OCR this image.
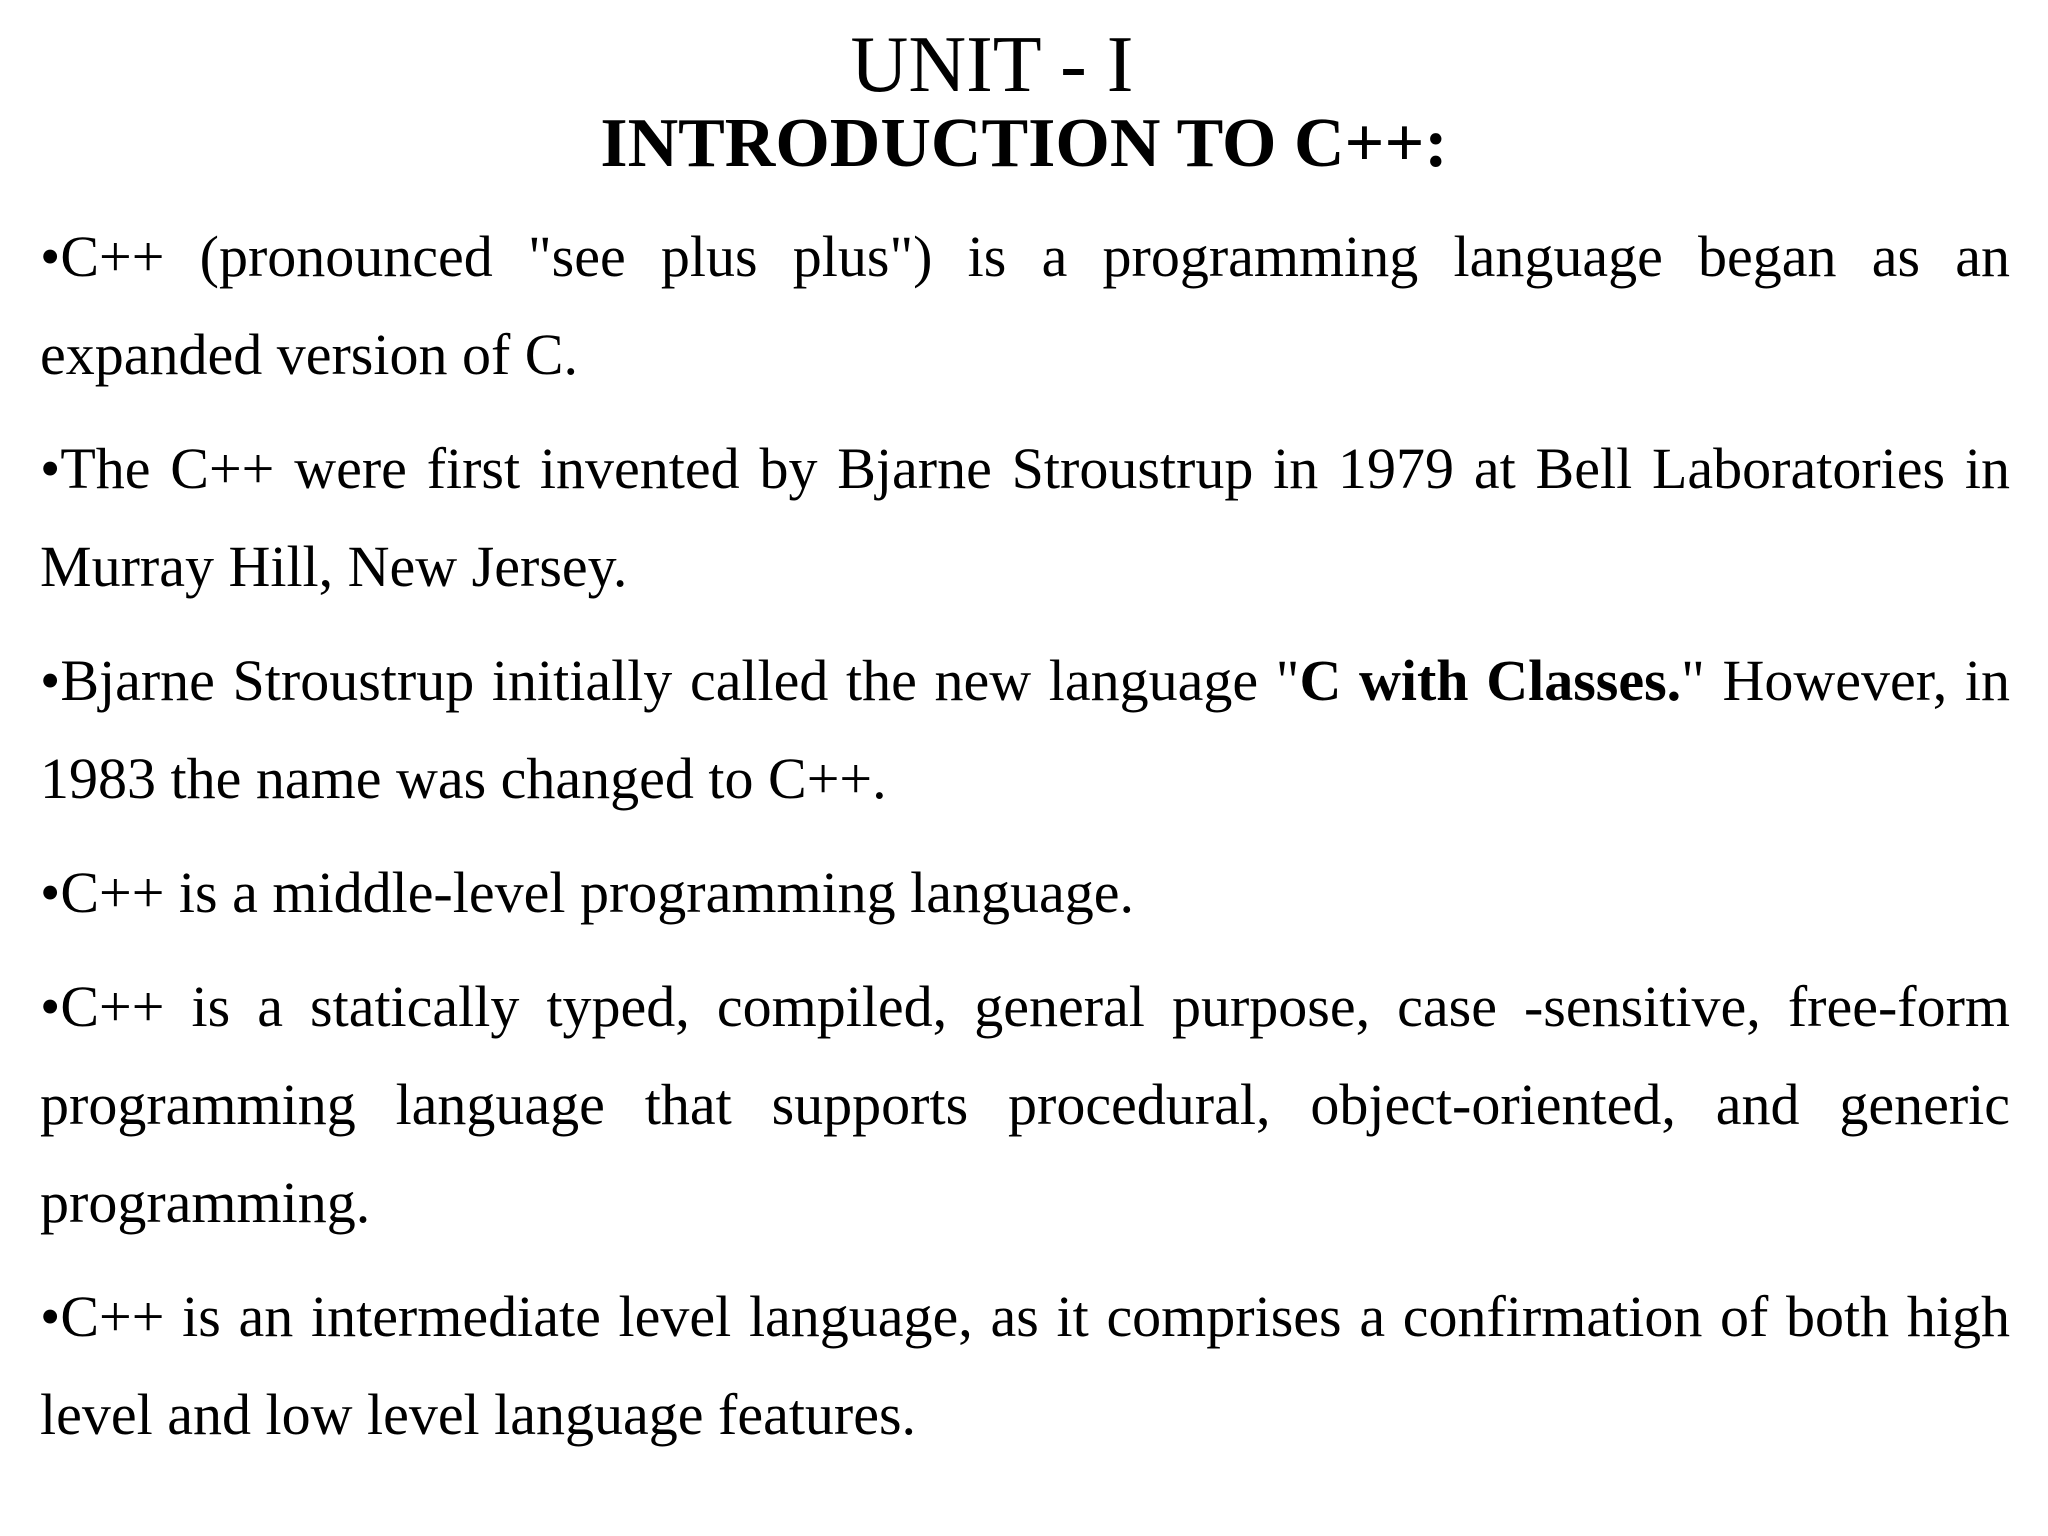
UNIT - I
INTRODUCTION TO C++:
•C++ (pronounced "see plus plus") is a programming language began as an expanded version of C.
•The C++ were first invented by Bjarne Stroustrup in 1979 at Bell Laboratories in Murray Hill, New Jersey.
•Bjarne Stroustrup initially called the new language "C with Classes." However, in 1983 the name was changed to C++.
•C++ is a middle-level programming language.
•C++ is a statically typed, compiled, general purpose, case -sensitive, free-form programming language that supports procedural, object-oriented, and generic programming.
•C++ is an intermediate level language, as it comprises a confirmation of both high level and low level language features.
